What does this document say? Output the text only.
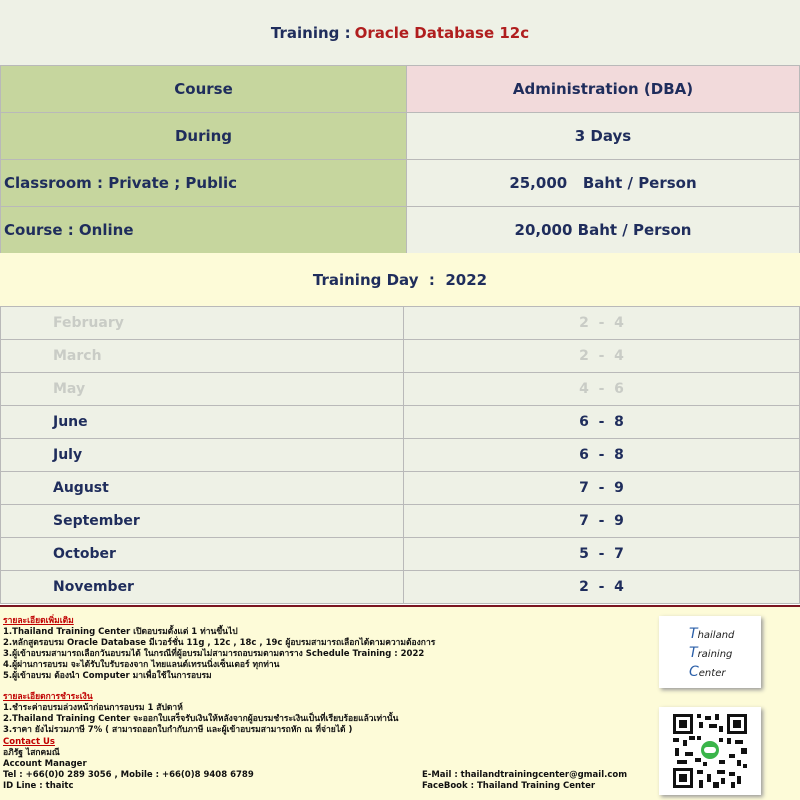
Training : Oracle Database 12c
Course	Administration (DBA)
During	3 Days
Classroom : Private ; Public	25,000   Baht / Person
Course : Online	20,000 Baht / Person
Training Day  :  2022
February	2  -  4
March	2  -  4
May	4  -  6
June	6  -  8
July	6  -  8
August	7  -  9
September	7  -  9
October	5  -  7
November	2  -  4
รายละเอียดเพิ่มเติม
1.Thailand Training Center เปิดอบรมตั้งแต่ 1 ท่านขึ้นไป
2.หลักสูตรอบรม Oracle Database มีเวอร์ชั่น 11g , 12c , 18c , 19c ผู้อบรมสามารถเลือกได้ตามความต้องการ
3.ผู้เข้าอบรมสามารถเลือกวันอบรมได้ ในกรณีที่ผู้อบรมไม่สามารถอบรมตามตาราง Schedule Training : 2022
4.ผู้ผ่านการอบรม จะได้รับใบรับรองจาก ไทยแลนด์เทรนนิ่งเซ็นเตอร์ ทุกท่าน
5.ผู้เข้าอบรม ต้องนำ Computer มาเพื่อใช้ในการอบรม
รายละเอียดการชำระเงิน
1.ชำระค่าอบรมล่วงหน้าก่อนการอบรม 1 สัปดาห์
2.Thailand Training Center จะออกใบเสร็จรับเงินให้หลังจากผู้อบรมชำระเงินเป็นที่เรียบร้อยแล้วเท่านั้น
3.ราคา ยังไม่รวมภาษี 7% ( สามารถออกใบกำกับภาษี และผู้เข้าอบรมสามารถหัก ณ ที่จ่ายได้ )
Contact Us
อภิรัฐ ไสกคมณี
Account Manager
Tel : +66(0)0 289 3056 , Mobile : +66(0)8 9408 6789
ID Line : thaitc
E-Mail : thailandtrainingcenter@gmail.com
FaceBook : Thailand Training Center
Thailand
Training
Center
